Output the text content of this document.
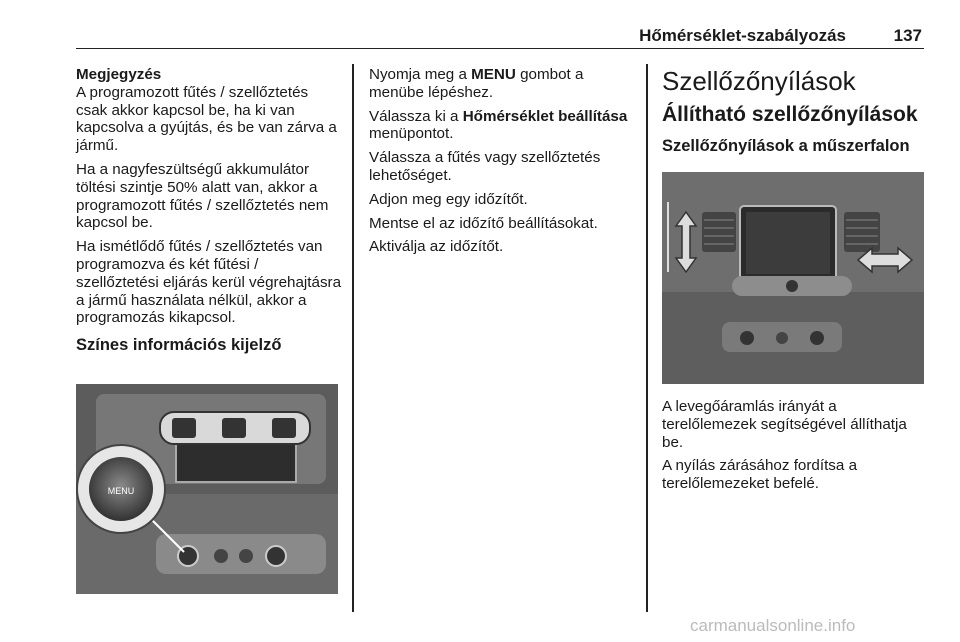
Hőmérséklet-szabályozás	137
Megjegyzés

A programozott fűtés / szellőztetés csak akkor kapcsol be, ha ki van kapcsolva a gyújtás, és be van zárva a jármű.

Ha a nagyfeszültségű akkumulátor töltési szintje 50% alatt van, akkor a programozott fűtés / szellőztetés nem kapcsol be.

Ha ismétlődő fűtés / szellőztetés van programozva és két fűtési / szellőztetési eljárás kerül végrehajtásra a jármű használata nélkül, akkor a programozás kikapcsol.

Színes információs kijelző
MENU

Nyomja meg a MENU gombot a menübe lépéshez.

Válassza ki a Hőmérséklet beállítása menüpontot.

Válassza a fűtés vagy szellőztetés lehetőséget.

Adjon meg egy időzítőt.

Mentse el az időzítő beállításokat.

Aktiválja az időzítőt.

Szellőzőnyílások
Állítható szellőzőnyílások
Szellőzőnyílások a műszerfalon

A levegőáramlás irányát a terelőlemezek segítségével állíthatja be.

A nyílás zárásához fordítsa a terelőlemezeket befelé.

carmanualsonline.info
